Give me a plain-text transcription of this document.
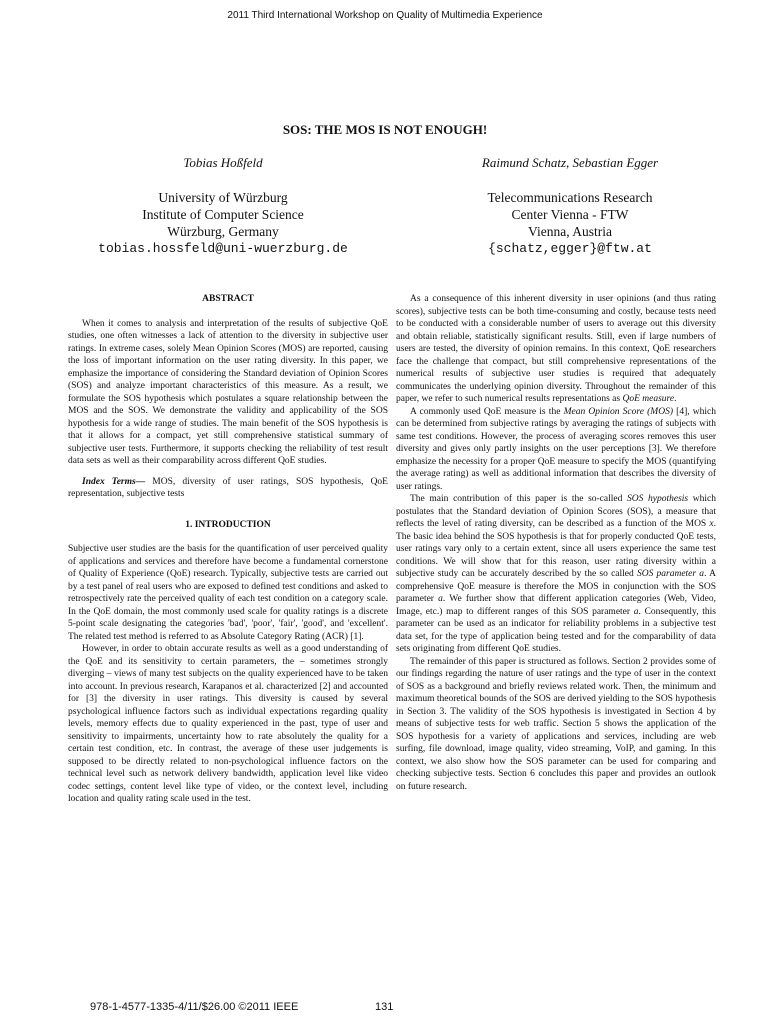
2011 Third International Workshop on Quality of Multimedia Experience
SOS: THE MOS IS NOT ENOUGH!
Tobias Hoßfeld
University of Würzburg
Institute of Computer Science
Würzburg, Germany
tobias.hossfeld@uni-wuerzburg.de
Raimund Schatz, Sebastian Egger
Telecommunications Research
Center Vienna - FTW
Vienna, Austria
{schatz,egger}@ftw.at
ABSTRACT

When it comes to analysis and interpretation of the results of subjective QoE studies, one often witnesses a lack of attention to the diversity in subjective user ratings. In extreme cases, solely Mean Opinion Scores (MOS) are reported, causing the loss of important information on the user rating diversity. In this paper, we emphasize the importance of considering the Standard deviation of Opinion Scores (SOS) and analyze important characteristics of this measure. As a result, we formulate the SOS hypothesis which postulates a square relationship between the MOS and the SOS. We demonstrate the validity and applicability of the SOS hypothesis for a wide range of studies. The main benefit of the SOS hypothesis is that it allows for a compact, yet still comprehensive statistical summary of subjective user tests. Furthermore, it supports checking the reliability of test result data sets as well as their comparability across different QoE studies.

Index Terms— MOS, diversity of user ratings, SOS hypothesis, QoE representation, subjective tests

1. INTRODUCTION

Subjective user studies are the basis for the quantification of user perceived quality of applications and services and therefore have become a fundamental cornerstone of Quality of Experience (QoE) research. Typically, subjective tests are carried out by a test panel of real users who are exposed to defined test conditions and asked to retrospectively rate the perceived quality of each test condition on a category scale. In the QoE domain, the most commonly used scale for quality ratings is a discrete 5-point scale designating the categories 'bad', 'poor', 'fair', 'good', and 'excellent'. The related test method is referred to as Absolute Category Rating (ACR) [1].

However, in order to obtain accurate results as well as a good understanding of the QoE and its sensitivity to certain parameters, the – sometimes strongly diverging – views of many test subjects on the quality experienced have to be taken into account. In previous research, Karapanos et al. characterized [2] and accounted for [3] the diversity in user ratings. This diversity is caused by several psychological influence factors such as individual expectations regarding quality levels, memory effects due to quality experienced in the past, type of user and sensitivity to impairments, uncertainty how to rate absolutely the quality for a certain test condition, etc. In contrast, the average of these user judgements is supposed to be directly related to non-psychological influence factors on the technical level such as network delivery bandwidth, application level like video codec settings, content level like type of video, or the context level, including location and quality rating scale used in the test.

As a consequence of this inherent diversity in user opinions (and thus rating scores), subjective tests can be both time-consuming and costly, because tests need to be conducted with a considerable number of users to average out this diversity and obtain reliable, statistically significant results. Still, even if large numbers of users are tested, the diversity of opinion remains. In this context, QoE researchers face the challenge that compact, but still comprehensive representations of the numerical results of subjective user studies is required that adequately communicates the underlying opinion diversity. Throughout the remainder of this paper, we refer to such numerical results representations as QoE measure.

A commonly used QoE measure is the Mean Opinion Score (MOS) [4], which can be determined from subjective ratings by averaging the ratings of subjects with same test conditions. However, the process of averaging scores removes this user diversity and gives only partly insights on the user perceptions [3]. We therefore emphasize the necessity for a proper QoE measure to specify the MOS (quantifying the average rating) as well as additional information that describes the diversity of user ratings.

The main contribution of this paper is the so-called SOS hypothesis which postulates that the Standard deviation of Opinion Scores (SOS), a measure that reflects the level of rating diversity, can be described as a function of the MOS x. The basic idea behind the SOS hypothesis is that for properly conducted QoE tests, user ratings vary only to a certain extent, since all users experience the same test conditions. We will show that for this reason, user rating diversity within a subjective study can be accurately described by the so called SOS parameter a. A comprehensive QoE measure is therefore the MOS in conjunction with the SOS parameter a. We further show that different application categories (Web, Video, Image, etc.) map to different ranges of this SOS parameter a. Consequently, this parameter can be used as an indicator for reliability problems in a subjective test data set, for the type of application being tested and for the comparability of data sets originating from different QoE studies.

The remainder of this paper is structured as follows. Section 2 provides some of our findings regarding the nature of user ratings and the type of user in the context of SOS as a background and briefly reviews related work. Then, the minimum and maximum theoretical bounds of the SOS are derived yielding to the SOS hypothesis in Section 3. The validity of the SOS hypothesis is investigated in Section 4 by means of subjective tests for web traffic. Section 5 shows the application of the SOS hypothesis for a variety of applications and services, including are web surfing, file download, image quality, video streaming, VoIP, and gaming. In this context, we also show how the SOS parameter can be used for comparing and checking subjective tests. Section 6 concludes this paper and provides an outlook on future research.

978-1-4577-1335-4/11/$26.00 ©2011 IEEE	131
